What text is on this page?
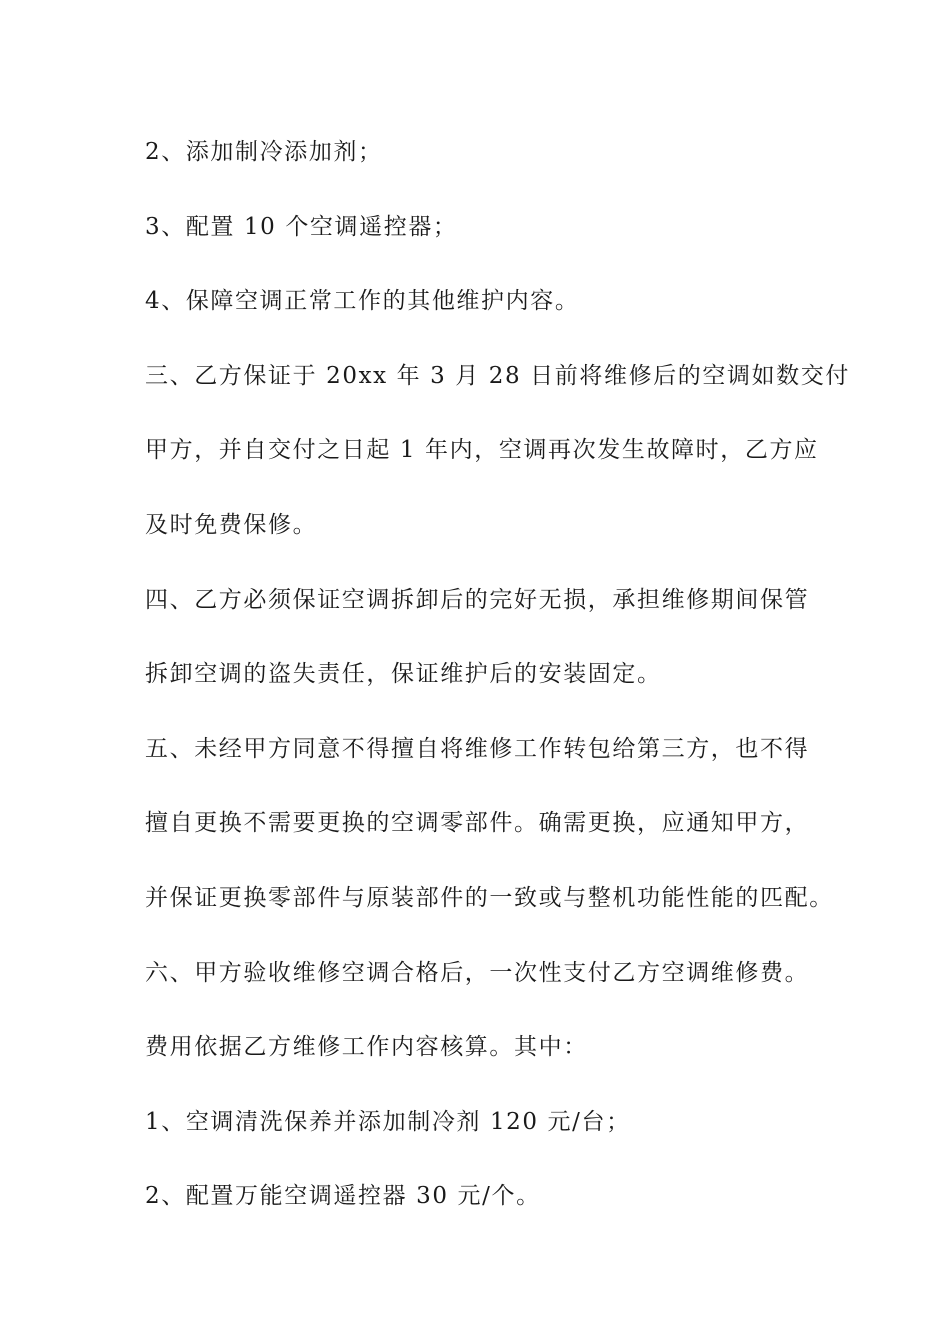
2、添加制冷添加剂；
3、配置 10 个空调遥控器；
4、保障空调正常工作的其他维护内容。
三、乙方保证于 20xx 年 3 月 28 日前将维修后的空调如数交付
甲方，并自交付之日起 1 年内，空调再次发生故障时，乙方应
及时免费保修。
四、乙方必须保证空调拆卸后的完好无损，承担维修期间保管
拆卸空调的盗失责任，保证维护后的安装固定。
五、未经甲方同意不得擅自将维修工作转包给第三方，也不得
擅自更换不需要更换的空调零部件。确需更换，应通知甲方，
并保证更换零部件与原装部件的一致或与整机功能性能的匹配。
六、甲方验收维修空调合格后，一次性支付乙方空调维修费。
费用依据乙方维修工作内容核算。其中：
1、空调清洗保养并添加制冷剂 120 元/台；
2、配置万能空调遥控器 30 元/个。
